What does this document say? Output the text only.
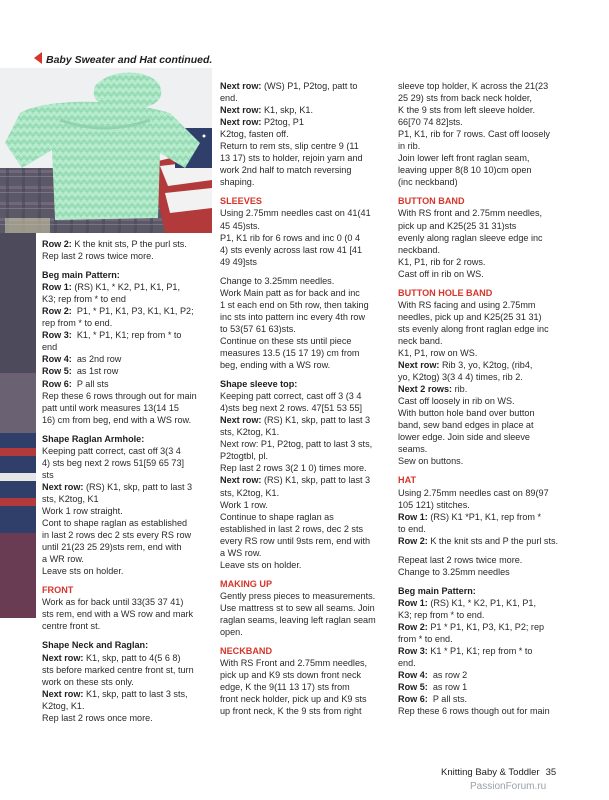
Baby Sweater and Hat continued.
Row 2: K the knit sts, P the purl sts.
Rep last 2 rows twice more.
Beg main Pattern:
Row 1: (RS) K1, * K2, P1, K1, P1,
K3; rep from * to end
Row 2:  P1, * P1, K1, P3, K1, K1, P2;
rep from * to end.
Row 3:  K1, * P1, K1; rep from * to
end
Row 4:  as 2nd row
Row 5:  as 1st row
Row 6:  P all sts
Rep these 6 rows through out for main
patt until work measures 13(14 15
16) cm from beg, end with a WS row.
Shape Raglan Armhole:
Keeping patt correct, cast off 3(3 4
4) sts beg next 2 rows 51[59 65 73]
sts
Next row: (RS) K1, skp, patt to last 3
sts, K2tog, K1
Work 1 row straight.
Cont to shape raglan as established
in last 2 rows dec 2 sts every RS row
until 21(23 25 29)sts rem, end with
a WR row.
Leave sts on holder.
FRONT
Work as for back until 33(35 37 41)
sts rem, end with a WS row and mark
centre front st.
Shape Neck and Raglan:
Next row: K1, skp, patt to 4(5 6 8)
sts before marked centre front st, turn
work on these sts only.
Next row: K1, skp, patt to last 3 sts,
K2tog, K1.
Rep last 2 rows once more.
Next row: (WS) P1, P2tog, patt to
end.
Next row: K1, skp, K1.
Next row: P2tog, P1
K2tog, fasten off.
Return to rem sts, slip centre 9 (11
13 17) sts to holder, rejoin yarn and
work 2nd half to match reversing
shaping.
SLEEVES
Using 2.75mm needles cast on 41(41
45 45)sts.
P1, K1 rib for 6 rows and inc 0 (0 4
4) sts evenly across last row 41 [41
49 49]sts
Change to 3.25mm needles.
Work Main patt as for back and inc
1 st each end on 5th row, then taking
inc sts into pattern inc every 4th row
to 53(57 61 63)sts.
Continue on these sts until piece
measures 13.5 (15 17 19) cm from
beg, ending with a WS row.
Shape sleeve top:
Keeping patt correct, cast off 3 (3 4
4)sts beg next 2 rows. 47[51 53 55]
Next row: (RS) K1, skp, patt to last 3
sts, K2tog, K1.
Next row: P1, P2tog, patt to last 3 sts,
P2togtbl, pl.
Rep last 2 rows 3(2 1 0) times more.
Next row: (RS) K1, skp, patt to last 3
sts, K2tog, K1.
Work 1 row.
Continue to shape raglan as
established in last 2 rows, dec 2 sts
every RS row until 9sts rem, end with
a WS row.
Leave sts on holder.
MAKING UP
Gently press pieces to measurements.
Use mattress st to sew all seams. Join
raglan seams, leaving left raglan seam
open.
NECKBAND
With RS Front and 2.75mm needles,
pick up and K9 sts down front neck
edge, K the 9(11 13 17) sts from
front neck holder, pick up and K9 sts
up front neck, K the 9 sts from right
sleeve top holder, K across the 21(23
25 29) sts from back neck holder,
K the 9 sts from left sleeve holder.
66[70 74 82]sts.
P1, K1, rib for 7 rows. Cast off loosely
in rib.
Join lower left front raglan seam,
leaving upper 8(8 10 10)cm open
(inc neckband)
BUTTON BAND
With RS front and 2.75mm needles,
pick up and K25(25 31 31)sts
evenly along raglan sleeve edge inc
neckband.
K1, P1, rib for 2 rows.
Cast off in rib on WS.
BUTTON HOLE BAND
With RS facing and using 2.75mm
needles, pick up and K25(25 31 31)
sts evenly along front raglan edge inc
neck band.
K1, P1, row on WS.
Next row: Rib 3, yo, K2tog, (rib4,
yo, K2tog) 3(3 4 4) times, rib 2.
Next 2 rows: rib.
Cast off loosely in rib on WS.
With button hole band over button
band, sew band edges in place at
lower edge. Join side and sleeve
seams.
Sew on buttons.
HAT
Using 2.75mm needles cast on 89(97
105 121) stitches.
Row 1: (RS) K1 *P1, K1, rep from *
to end.
Row 2: K the knit sts and P the purl sts.
Repeat last 2 rows twice more.
Change to 3.25mm needles
Beg main Pattern:
Row 1: (RS) K1, * K2, P1, K1, P1,
K3; rep from * to end.
Row 2: P1 * P1, K1, P3, K1, P2; rep
from * to end.
Row 3: K1 * P1, K1; rep from * to
end.
Row 4:  as row 2
Row 5:  as row 1
Row 6:  P all sts.
Rep these 6 rows though out for main
Knitting Baby & Toddler 35
PassionForum.ru
